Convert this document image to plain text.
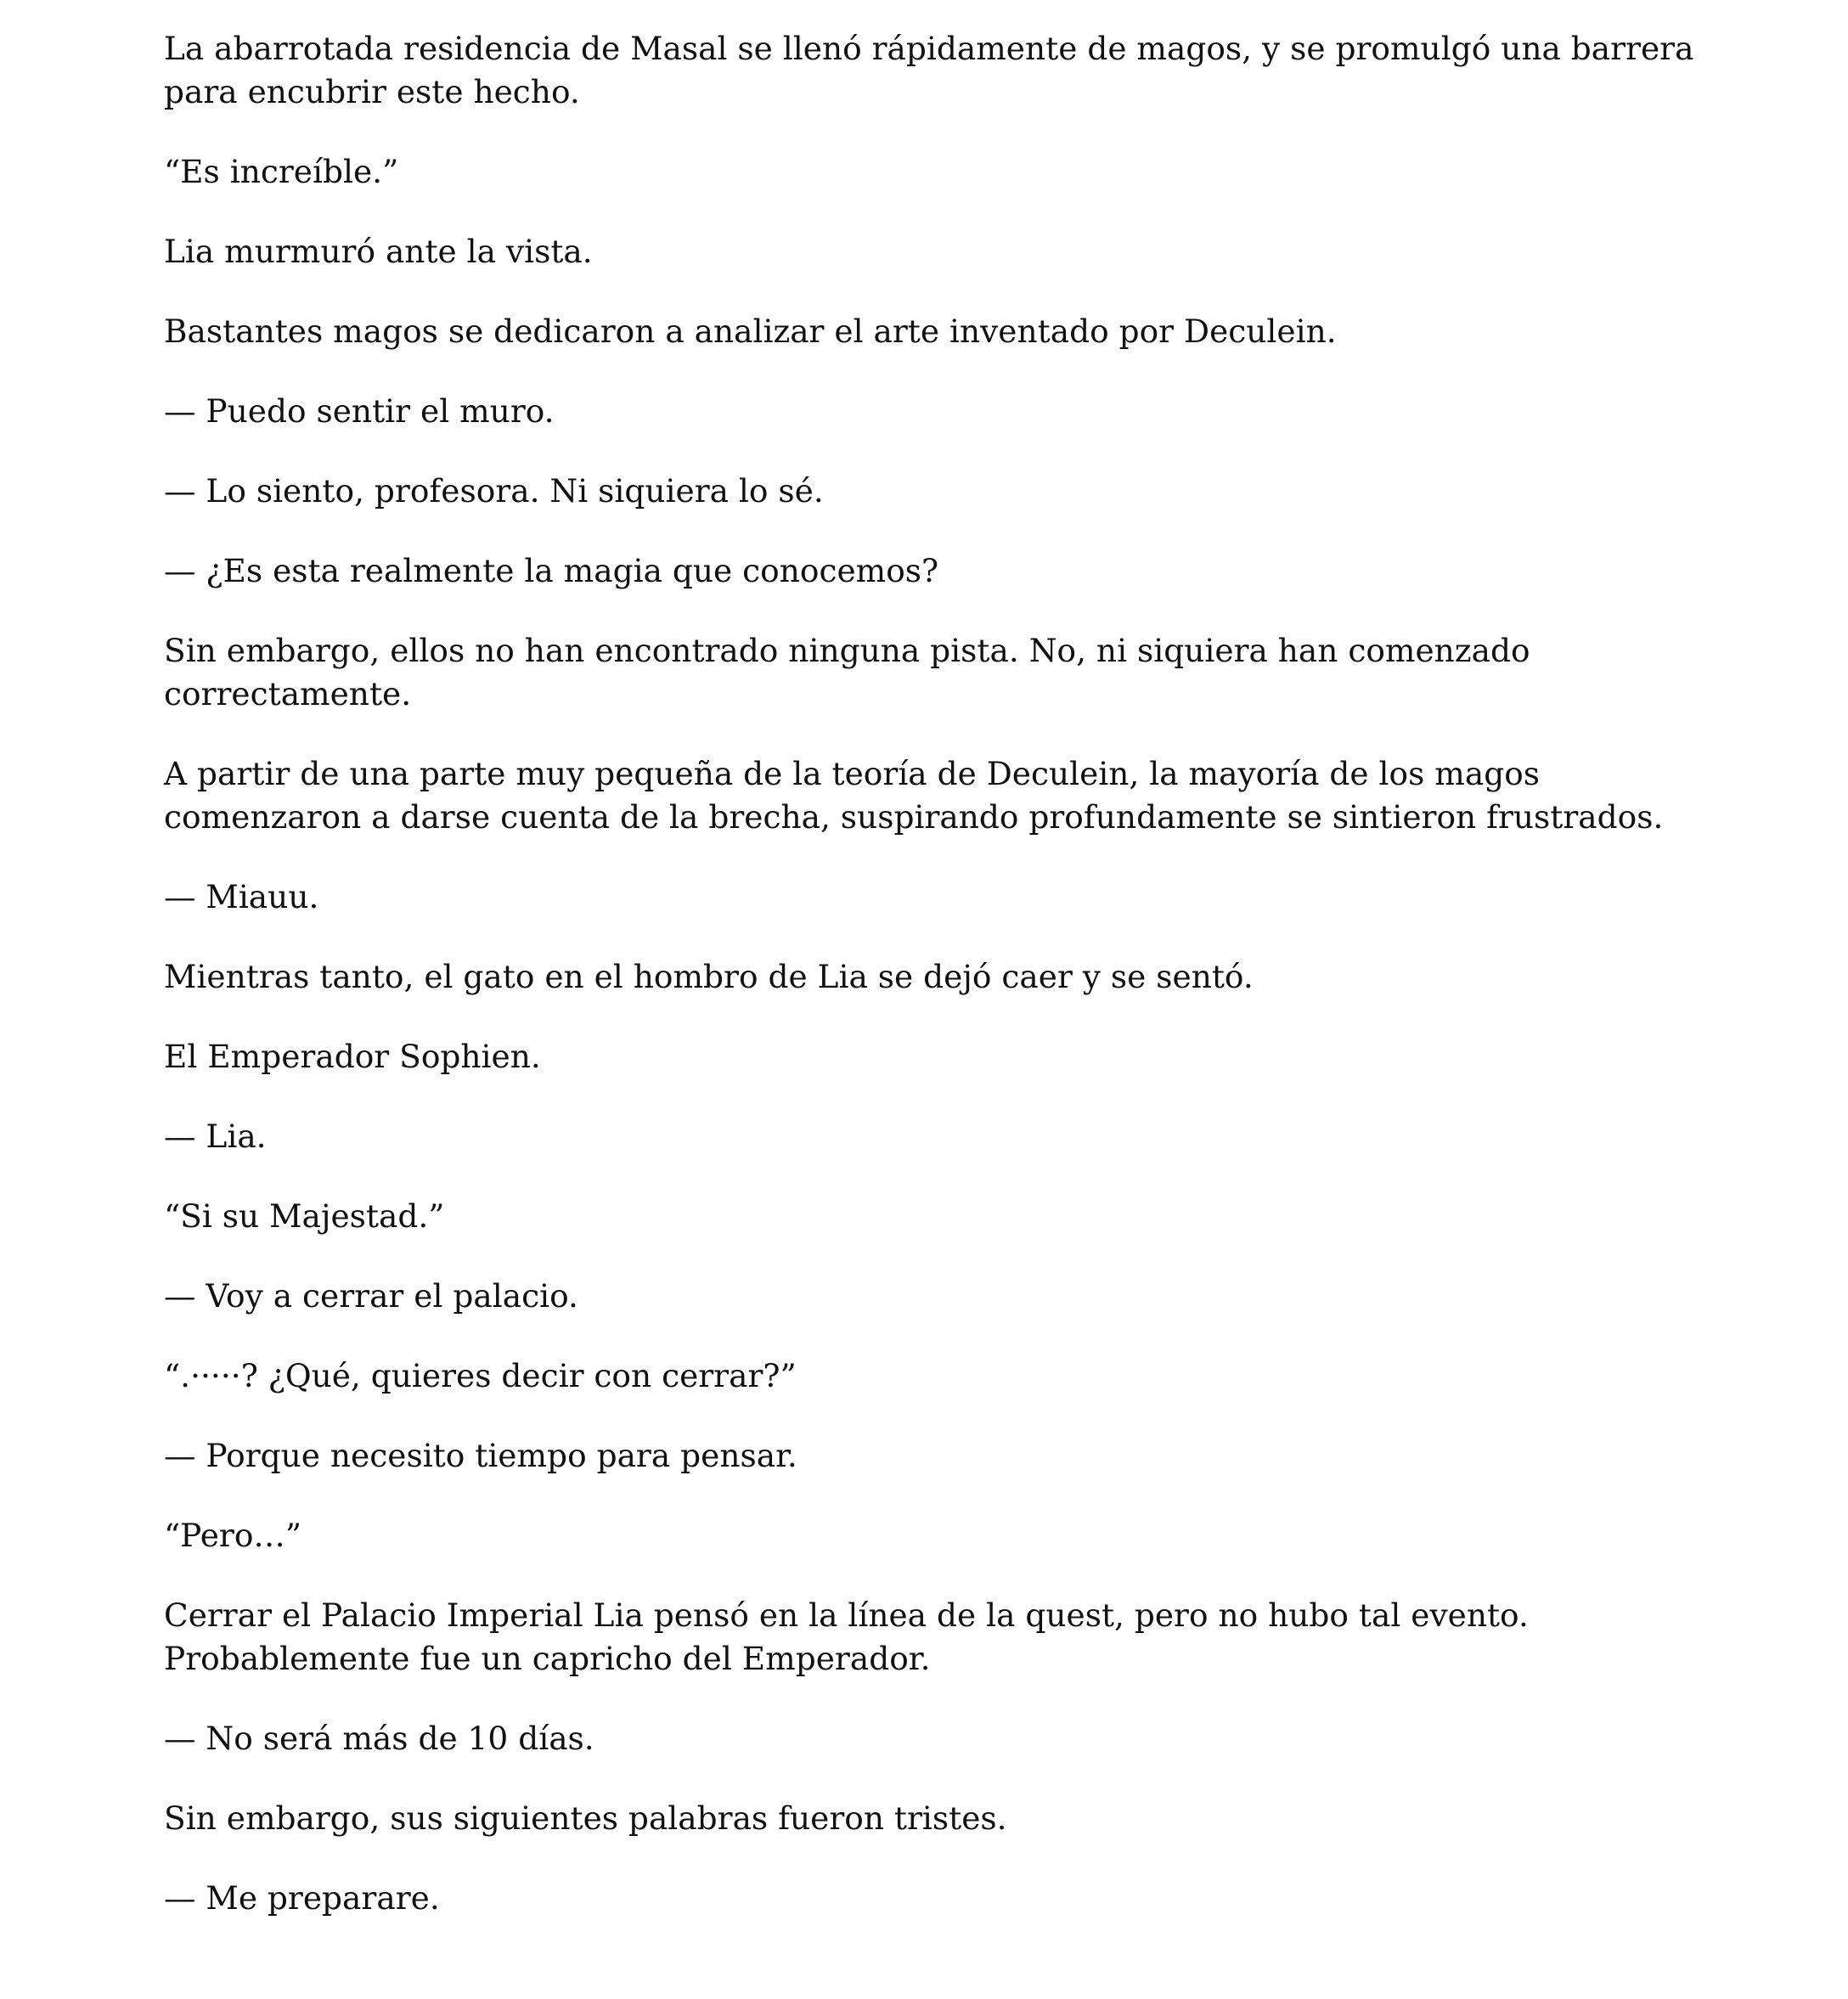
La abarrotada residencia de Masal se llenó rápidamente de magos, y se promulgó una barrera para encubrir este hecho.

“Es increíble.”

Lia murmuró ante la vista.

Bastantes magos se dedicaron a analizar el arte inventado por Deculein.

— Puedo sentir el muro.

— Lo siento, profesora. Ni siquiera lo sé.

— ¿Es esta realmente la magia que conocemos?

Sin embargo, ellos no han encontrado ninguna pista. No, ni siquiera han comenzado correctamente.

A partir de una parte muy pequeña de la teoría de Deculein, la mayoría de los magos comenzaron a darse cuenta de la brecha, suspirando profundamente se sintieron frustrados.

— Miauu.

Mientras tanto, el gato en el hombro de Lia se dejó caer y se sentó.

El Emperador Sophien.

— Lia.

“Si su Majestad.”

— Voy a cerrar el palacio.

“.·····? ¿Qué, quieres decir con cerrar?”

— Porque necesito tiempo para pensar.

“Pero…”

Cerrar el Palacio Imperial Lia pensó en la línea de la quest, pero no hubo tal evento. Probablemente fue un capricho del Emperador.

— No será más de 10 días.

Sin embargo, sus siguientes palabras fueron tristes.

— Me preparare.
